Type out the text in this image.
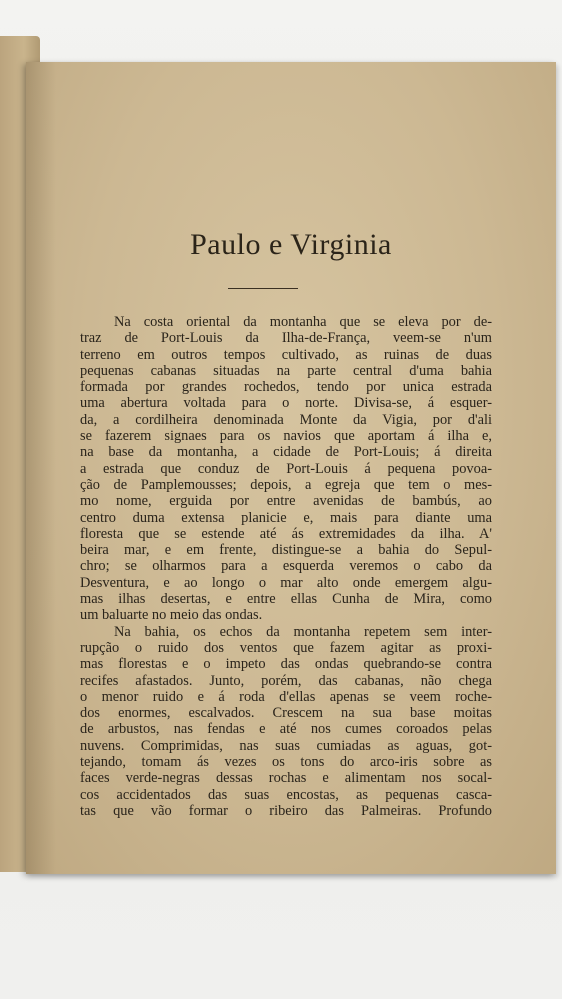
Paulo e Virginia
Na costa oriental da montanha que se eleva por de-
traz de Port-Louis da Ilha-de-França, veem-se n'um
terreno em outros tempos cultivado, as ruinas de duas
pequenas cabanas situadas na parte central d'uma bahia
formada por grandes rochedos, tendo por unica estrada
uma abertura voltada para o norte. Divisa-se, á esquer-
da, a cordilheira denominada Monte da Vigia, por d'ali
se fazerem signaes para os navios que aportam á ilha e,
na base da montanha, a cidade de Port-Louis; á direita
a estrada que conduz de Port-Louis á pequena povoa-
ção de Pamplemousses; depois, a egreja que tem o mes-
mo nome, erguida por entre avenidas de bambús, ao
centro duma extensa planicie e, mais para diante uma
floresta que se estende até ás extremidades da ilha. A'
beira mar, e em frente, distingue-se a bahia do Sepul-
chro; se olharmos para a esquerda veremos o cabo da
Desventura, e ao longo o mar alto onde emergem algu-
mas ilhas desertas, e entre ellas Cunha de Mira, como
um baluarte no meio das ondas.
Na bahia, os echos da montanha repetem sem inter-
rupção o ruido dos ventos que fazem agitar as proxi-
mas florestas e o impeto das ondas quebrando-se contra
recifes afastados. Junto, porém, das cabanas, não chega
o menor ruido e á roda d'ellas apenas se veem roche-
dos enormes, escalvados. Crescem na sua base moitas
de arbustos, nas fendas e até nos cumes coroados pelas
nuvens. Comprimidas, nas suas cumiadas as aguas, got-
tejando, tomam ás vezes os tons do arco-iris sobre as
faces verde-negras dessas rochas e alimentam nos socal-
cos accidentados das suas encostas, as pequenas casca-
tas que vão formar o ribeiro das Palmeiras. Profundo
